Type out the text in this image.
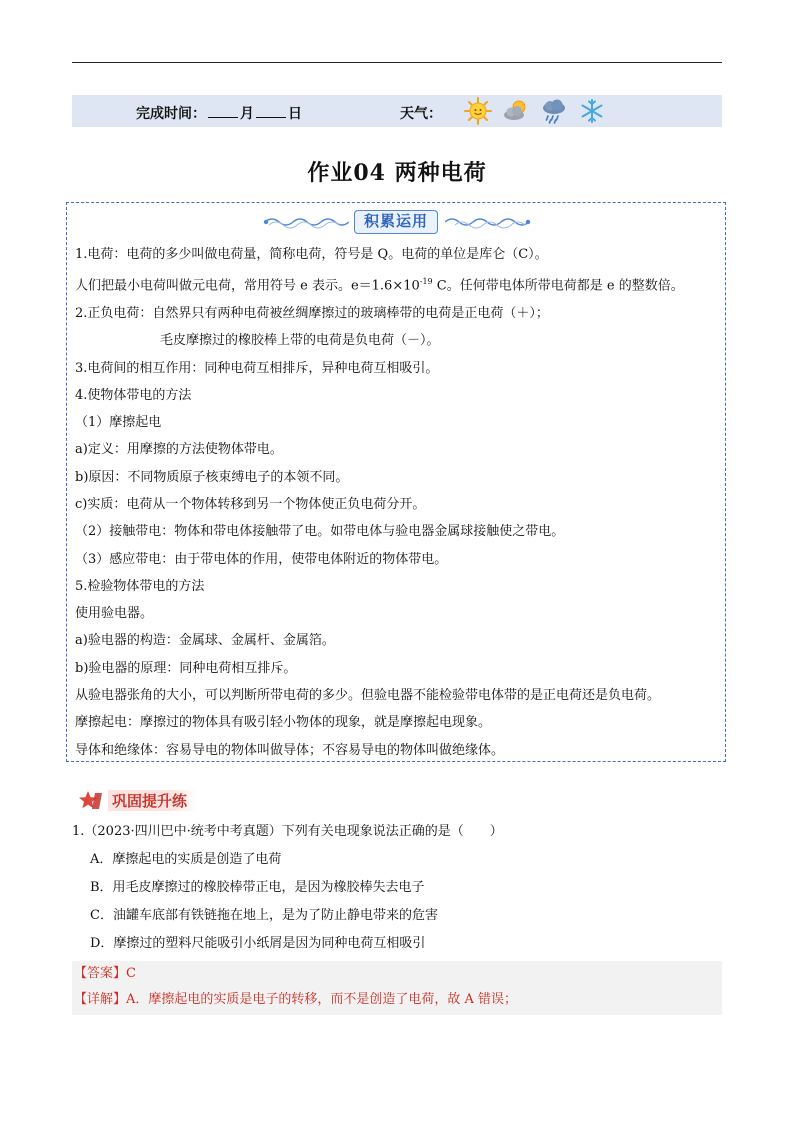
完成时间： 月 日	天气：
作业04 两种电荷
积累运用
1.电荷：电荷的多少叫做电荷量，简称电荷，符号是 Q。电荷的单位是库仑（C）。
人们把最小电荷叫做元电荷，常用符号 e 表示。$e=1.6\times 10^{-19}$ C。任何带电体所带电荷都是 e 的整数倍。
2.正负电荷：自然界只有两种电荷被丝绸摩擦过的玻璃棒带的电荷是正电荷（＋）；
毛皮摩擦过的橡胶棒上带的电荷是负电荷（－）。
3.电荷间的相互作用：同种电荷互相排斥，异种电荷互相吸引。
4.使物体带电的方法
（1）摩擦起电
a)定义：用摩擦的方法使物体带电。
b)原因：不同物质原子核束缚电子的本领不同。
c)实质：电荷从一个物体转移到另一个物体使正负电荷分开。
（2）接触带电：物体和带电体接触带了电。如带电体与验电器金属球接触使之带电。
（3）感应带电：由于带电体的作用，使带电体附近的物体带电。
5.检验物体带电的方法
使用验电器。
a)验电器的构造：金属球、金属杆、金属箔。
b)验电器的原理：同种电荷相互排斥。
从验电器张角的大小，可以判断所带电荷的多少。但验电器不能检验带电体带的是正电荷还是负电荷。
摩擦起电：摩擦过的物体具有吸引轻小物体的现象，就是摩擦起电现象。
导体和绝缘体：容易导电的物体叫做导体；不容易导电的物体叫做绝缘体。
巩固提升练
1.（2023·四川巴中·统考中考真题）下列有关电现象说法正确的是（　　）
A．摩擦起电的实质是创造了电荷
B．用毛皮摩擦过的橡胶棒带正电，是因为橡胶棒失去电子
C．油罐车底部有铁链拖在地上，是为了防止静电带来的危害
D．摩擦过的塑料尺能吸引小纸屑是因为同种电荷互相吸引
【答案】C
【详解】A．摩擦起电的实质是电子的转移，而不是创造了电荷，故 A 错误；
